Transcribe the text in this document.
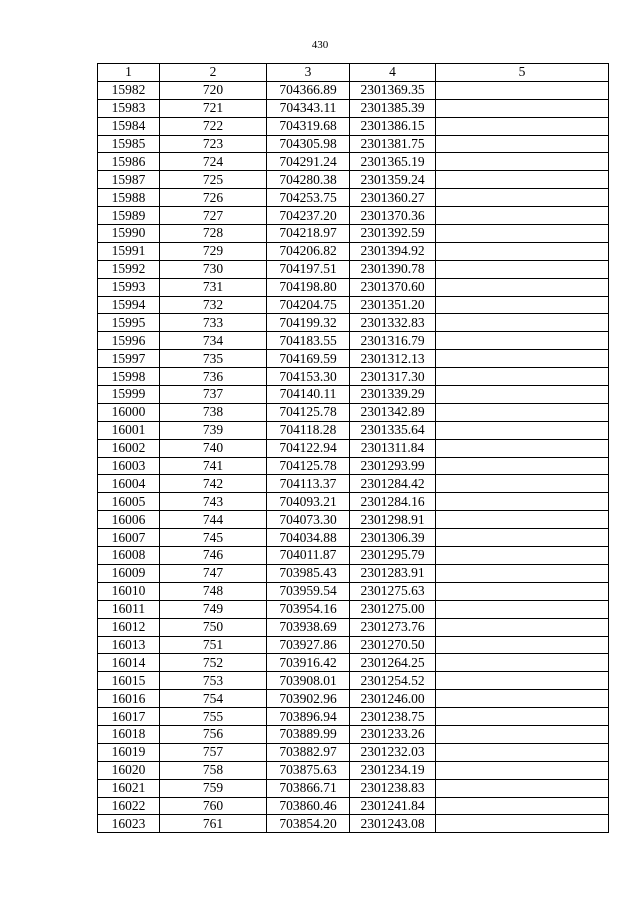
430
1	2	3	4	5
15982	720	704366.89	2301369.35	
15983	721	704343.11	2301385.39	
15984	722	704319.68	2301386.15	
15985	723	704305.98	2301381.75	
15986	724	704291.24	2301365.19	
15987	725	704280.38	2301359.24	
15988	726	704253.75	2301360.27	
15989	727	704237.20	2301370.36	
15990	728	704218.97	2301392.59	
15991	729	704206.82	2301394.92	
15992	730	704197.51	2301390.78	
15993	731	704198.80	2301370.60	
15994	732	704204.75	2301351.20	
15995	733	704199.32	2301332.83	
15996	734	704183.55	2301316.79	
15997	735	704169.59	2301312.13	
15998	736	704153.30	2301317.30	
15999	737	704140.11	2301339.29	
16000	738	704125.78	2301342.89	
16001	739	704118.28	2301335.64	
16002	740	704122.94	2301311.84	
16003	741	704125.78	2301293.99	
16004	742	704113.37	2301284.42	
16005	743	704093.21	2301284.16	
16006	744	704073.30	2301298.91	
16007	745	704034.88	2301306.39	
16008	746	704011.87	2301295.79	
16009	747	703985.43	2301283.91	
16010	748	703959.54	2301275.63	
16011	749	703954.16	2301275.00	
16012	750	703938.69	2301273.76	
16013	751	703927.86	2301270.50	
16014	752	703916.42	2301264.25	
16015	753	703908.01	2301254.52	
16016	754	703902.96	2301246.00	
16017	755	703896.94	2301238.75	
16018	756	703889.99	2301233.26	
16019	757	703882.97	2301232.03	
16020	758	703875.63	2301234.19	
16021	759	703866.71	2301238.83	
16022	760	703860.46	2301241.84	
16023	761	703854.20	2301243.08	
